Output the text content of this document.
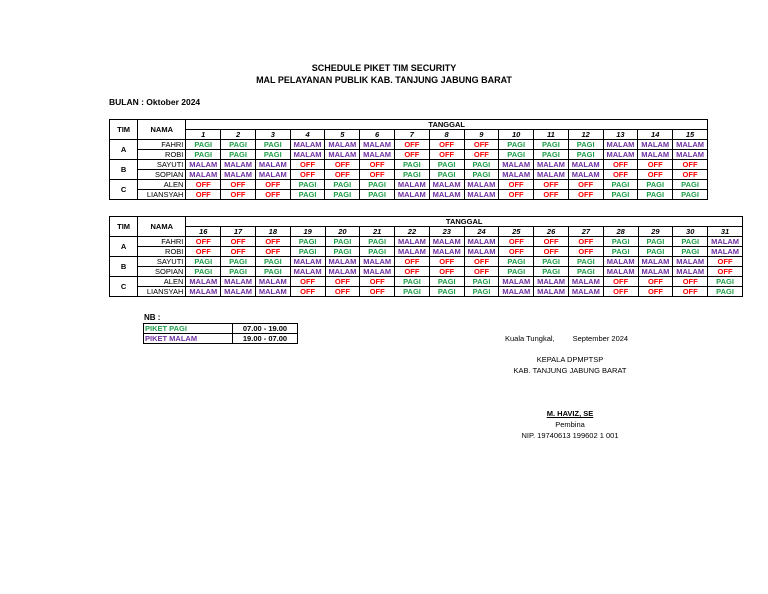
SCHEDULE PIKET TIM SECURITY
MAL PELAYANAN PUBLIK KAB. TANJUNG JABUNG BARAT
BULAN : Oktober 2024
TIM	NAMA	TANGGAL														
		1	2	3	4	5	6	7	8	9	10	11	12	13	14	15
A	FAHRI	PAGI	PAGI	PAGI	MALAM	MALAM	MALAM	OFF	OFF	OFF	PAGI	PAGI	PAGI	MALAM	MALAM	MALAM
	ROBI	PAGI	PAGI	PAGI	MALAM	MALAM	MALAM	OFF	OFF	OFF	PAGI	PAGI	PAGI	MALAM	MALAM	MALAM
B	SAYUTI	MALAM	MALAM	MALAM	OFF	OFF	OFF	PAGI	PAGI	PAGI	MALAM	MALAM	MALAM	OFF	OFF	OFF
	SOPIAN	MALAM	MALAM	MALAM	OFF	OFF	OFF	PAGI	PAGI	PAGI	MALAM	MALAM	MALAM	OFF	OFF	OFF
C	ALEN	OFF	OFF	OFF	PAGI	PAGI	PAGI	MALAM	MALAM	MALAM	OFF	OFF	OFF	PAGI	PAGI	PAGI
	LIANSYAH	OFF	OFF	OFF	PAGI	PAGI	PAGI	MALAM	MALAM	MALAM	OFF	OFF	OFF	PAGI	PAGI	PAGI
TIM	NAMA	TANGGAL															
		16	17	18	19	20	21	22	23	24	25	26	27	28	29	30	31
A	FAHRI	OFF	OFF	OFF	PAGI	PAGI	PAGI	MALAM	MALAM	MALAM	OFF	OFF	OFF	PAGI	PAGI	PAGI	MALAM
	ROBI	OFF	OFF	OFF	PAGI	PAGI	PAGI	MALAM	MALAM	MALAM	OFF	OFF	OFF	PAGI	PAGI	PAGI	MALAM
B	SAYUTI	PAGI	PAGI	PAGI	MALAM	MALAM	MALAM	OFF	OFF	OFF	PAGI	PAGI	PAGI	MALAM	MALAM	MALAM	OFF
	SOPIAN	PAGI	PAGI	PAGI	MALAM	MALAM	MALAM	OFF	OFF	OFF	PAGI	PAGI	PAGI	MALAM	MALAM	MALAM	OFF
C	ALEN	MALAM	MALAM	MALAM	OFF	OFF	OFF	PAGI	PAGI	PAGI	MALAM	MALAM	MALAM	OFF	OFF	OFF	PAGI
	LIANSYAH	MALAM	MALAM	MALAM	OFF	OFF	OFF	PAGI	PAGI	PAGI	MALAM	MALAM	MALAM	OFF	OFF	OFF	PAGI
NB :
PIKET PAGI	07.00 - 19.00
PIKET MALAM	19.00 - 07.00	Kuala Tungkal, September 2024
KEPALA DPMPTSP
KAB. TANJUNG JABUNG BARAT
M. HAVIZ, SE
Pembina
NIP. 19740613 199602 1 001
